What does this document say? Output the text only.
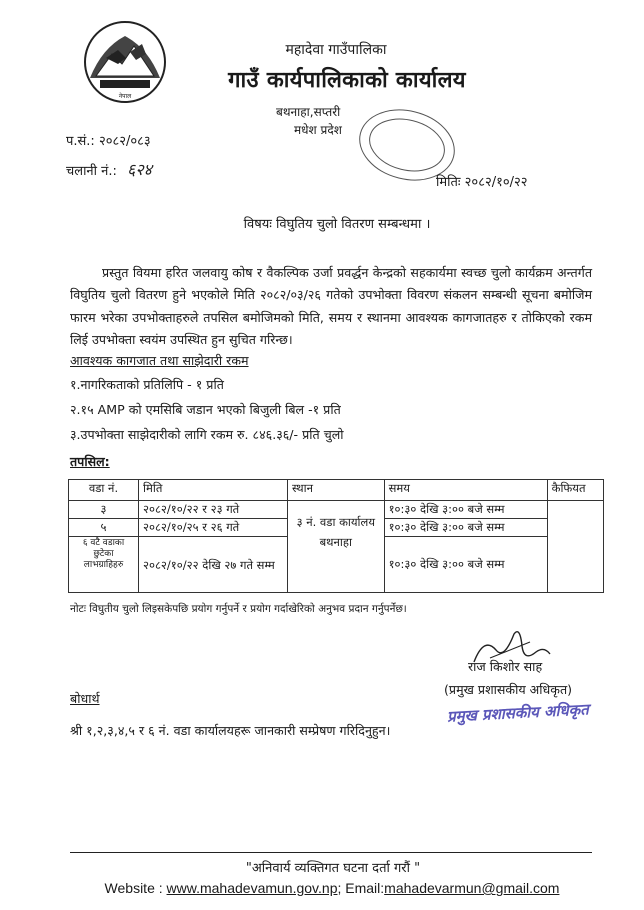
नेपाल
महादेवा गाउँपालिका
गाउँ कार्यपालिकाको कार्यालय
बथनाहा,सप्तरी
मधेश प्रदेश
प.सं.: २०८२/०८३
चलानी नं.: ६२४
मितिः २०८२/१०/२२
विषयः विघुतिय चुलो वितरण सम्बन्धमा ।
प्रस्तुत वियमा हरित जलवायु कोष र वैकल्पिक उर्जा प्रवर्द्धन केन्द्रको सहकार्यमा स्वच्छ चुलो कार्यक्रम अन्तर्गत विघुतिय चुलो वितरण हुने भएकोले मिति २०८२/०३/२६ गतेको उपभोक्ता विवरण संकलन सम्बन्धी सूचना बमोजिम फारम भरेका उपभोक्ताहरुले तपसिल बमोजिमको मिति, समय र स्थानमा आवश्यक कागजातहरु र तोकिएको रकम लिई उपभोक्ता स्वयंम उपस्थित हुन सुचित गरिन्छ।
आवश्यक कागजात तथा साझेदारी रकम
१.नागरिकताको प्रतिलिपि - १ प्रति
२.१५ AMP को एमसिबि जडान भएको बिजुली बिल -१ प्रति
३.उपभोक्ता साझेदारीको लागि रकम रु. ८४६.३६/- प्रति चुलो
तपसिल:
वडा नं.	मिति	स्थान	समय	कैफियत
३	२०८२/१०/२२ र २३ गते	३ नं. वडा कार्यालय बथनाहा	१०:३० देखि ३:०० बजे सम्म	
५	२०८२/१०/२५ र २६ गते		१०:३० देखि ३:०० बजे सम्म	
६ वटै वडाका छुटेका लाभग्राहिहरु	२०८२/१०/२२ देखि २७ गते सम्म		१०:३० देखि ३:०० बजे सम्म	
नोटः विघुतीय चुलो लिइसकेपछि प्रयोग गर्नुपर्ने र प्रयोग गर्दाखेरिको अनुभव प्रदान गर्नुपर्नेछ।
राज किशोर साह
(प्रमुख प्रशासकीय अधिकृत)
प्रमुख प्रशासकीय अधिकृत
बोधार्थ
श्री १,२,३,४,५ र ६ नं. वडा कार्यालयहरू जानकारी सम्प्रेषण गरिदिनुहुन।
"अनिवार्य व्यक्तिगत घटना दर्ता गरौं "
Website : www.mahadevamun.gov.np; Email:mahadevarmun@gmail.com
